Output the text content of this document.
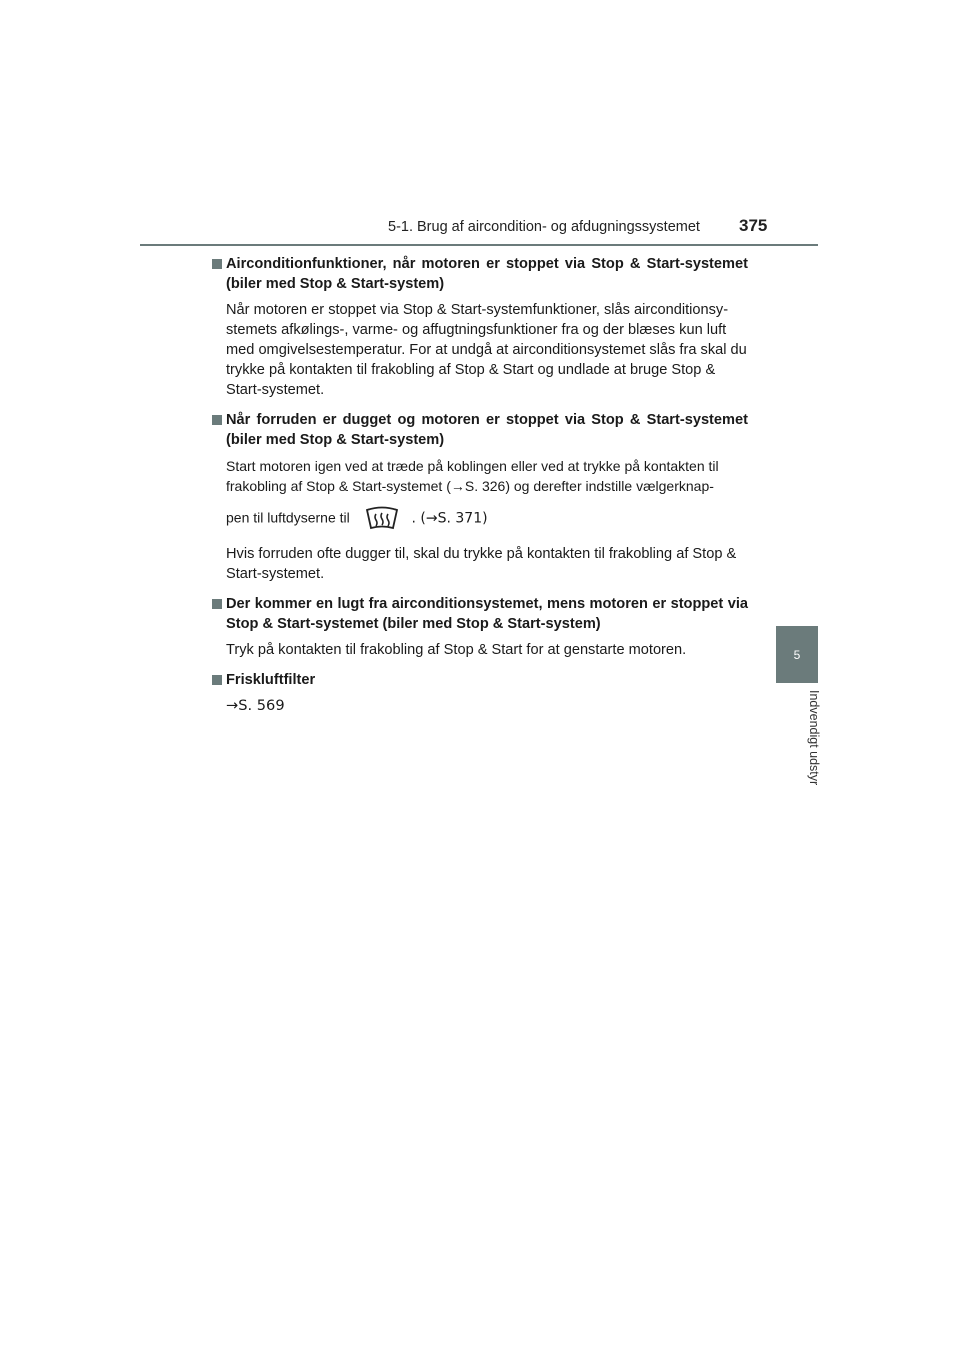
5-1. Brug af aircondition- og afdugningssystemet 375
5
Indvendigt udstyr

Airconditionfunktioner, når motoren er stoppet via Stop & Start-systemet (biler med Stop & Start-system)

Når motoren er stoppet via Stop & Start-systemfunktioner, slås airconditionsy-stemets afkølings-, varme- og affugtningsfunktioner fra og der blæses kun luft med omgivelsestemperatur. For at undgå at airconditionsystemet slås fra skal du trykke på kontakten til frakobling af Stop & Start og undlade at bruge Stop & Start-systemet.

Når forruden er dugget og motoren er stoppet via Stop & Start-systemet (biler med Stop & Start-system)

Start motoren igen ved at træde på koblingen eller ved at trykke på kontakten til frakobling af Stop & Start-systemet (→S. 326) og derefter indstille vælgerknap-
pen til luftdyserne til	. (→S. 371)

Hvis forruden ofte dugger til, skal du trykke på kontakten til frakobling af Stop & Start-systemet.

Der kommer en lugt fra airconditionsystemet, mens motoren er stoppet via Stop & Start-systemet (biler med Stop & Start-system)

Tryk på kontakten til frakobling af Stop & Start for at genstarte motoren.

Friskluftfilter

→S. 569
